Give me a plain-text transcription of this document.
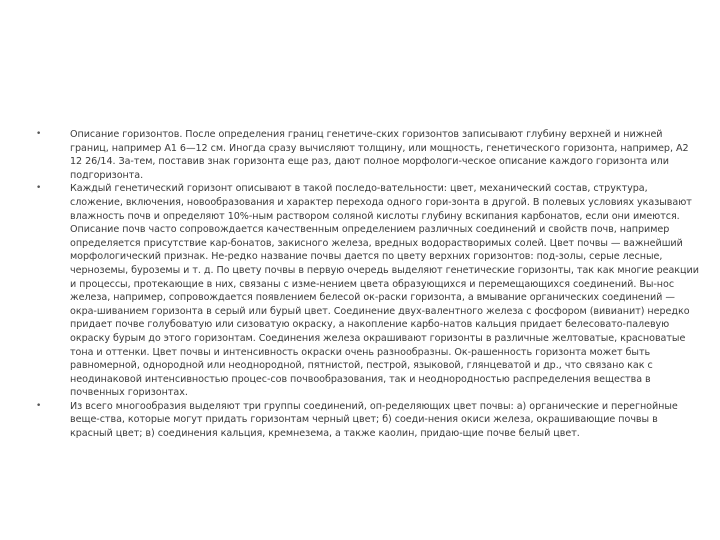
•	Описание горизонтов. После определения границ генетиче-ских горизонтов записывают глубину верхней и нижней границ, например А1 6—12 см. Иногда сразу вычисляют толщину, или мощность, генетического горизонта, например, А2 12 26/14. За-тем, поставив знак горизонта еще раз, дают полное морфологи-ческое описание каждого горизонта или подгоризонта.
•	Каждый генетический горизонт описывают в такой последо-вательности: цвет, механический состав, структура, сложение, включения, новообразования и характер перехода одного гори-зонта в другой. В полевых условиях указывают влажность почв и определяют 10%-ным раствором соляной кислоты глубину вскипания карбонатов, если они имеются. Описание почв часто сопровождается качественным определением различных соединений и свойств почв, например определяется присутствие кар-бонатов, закисного железа, вредных водорастворимых солей. Цвет почвы — важнейший морфологический признак. Не-редко название почвы дается по цвету верхних горизонтов: под-золы, серые лесные, черноземы, буроземы и т. д. По цвету почвы в первую очередь выделяют генетические горизонты, так как многие реакции и процессы, протекающие в них, связаны с изме-нением цвета образующихся и перемещающихся соединений. Вы-нос железа, например, сопровождается появлением белесой ок-раски горизонта, а вмывание органических соединений — окра-шиванием горизонта в серый или бурый цвет. Соединение двух-валентного железа с фосфором (вивианит) нередко придает почве голубоватую или сизоватую окраску, а накопление карбо-натов кальция придает белесовато-палевую окраску бурым до этого горизонтам. Соединения железа окрашивают горизонты в различные желтоватые, красноватые тона и оттенки. Цвет почвы и интенсивность окраски очень разнообразны. Ок-рашенность горизонта может быть равномерной, однородной или неоднородной, пятнистой, пестрой, языковой, глянцеватой и др., что связано как с неодинаковой интенсивностью процес-сов почвообразования, так и неоднородностью распределения вещества в почвенных горизонтах.
•	Из всего многообразия выделяют три группы соединений, оп-ределяющих цвет почвы: а) органические и перегнойные веще-ства, которые могут придать горизонтам черный цвет; б) соеди-нения окиси железа, окрашивающие почвы в красный цвет; в) соединения кальция, кремнезема, а также каолин, придаю-щие почве белый цвет.
